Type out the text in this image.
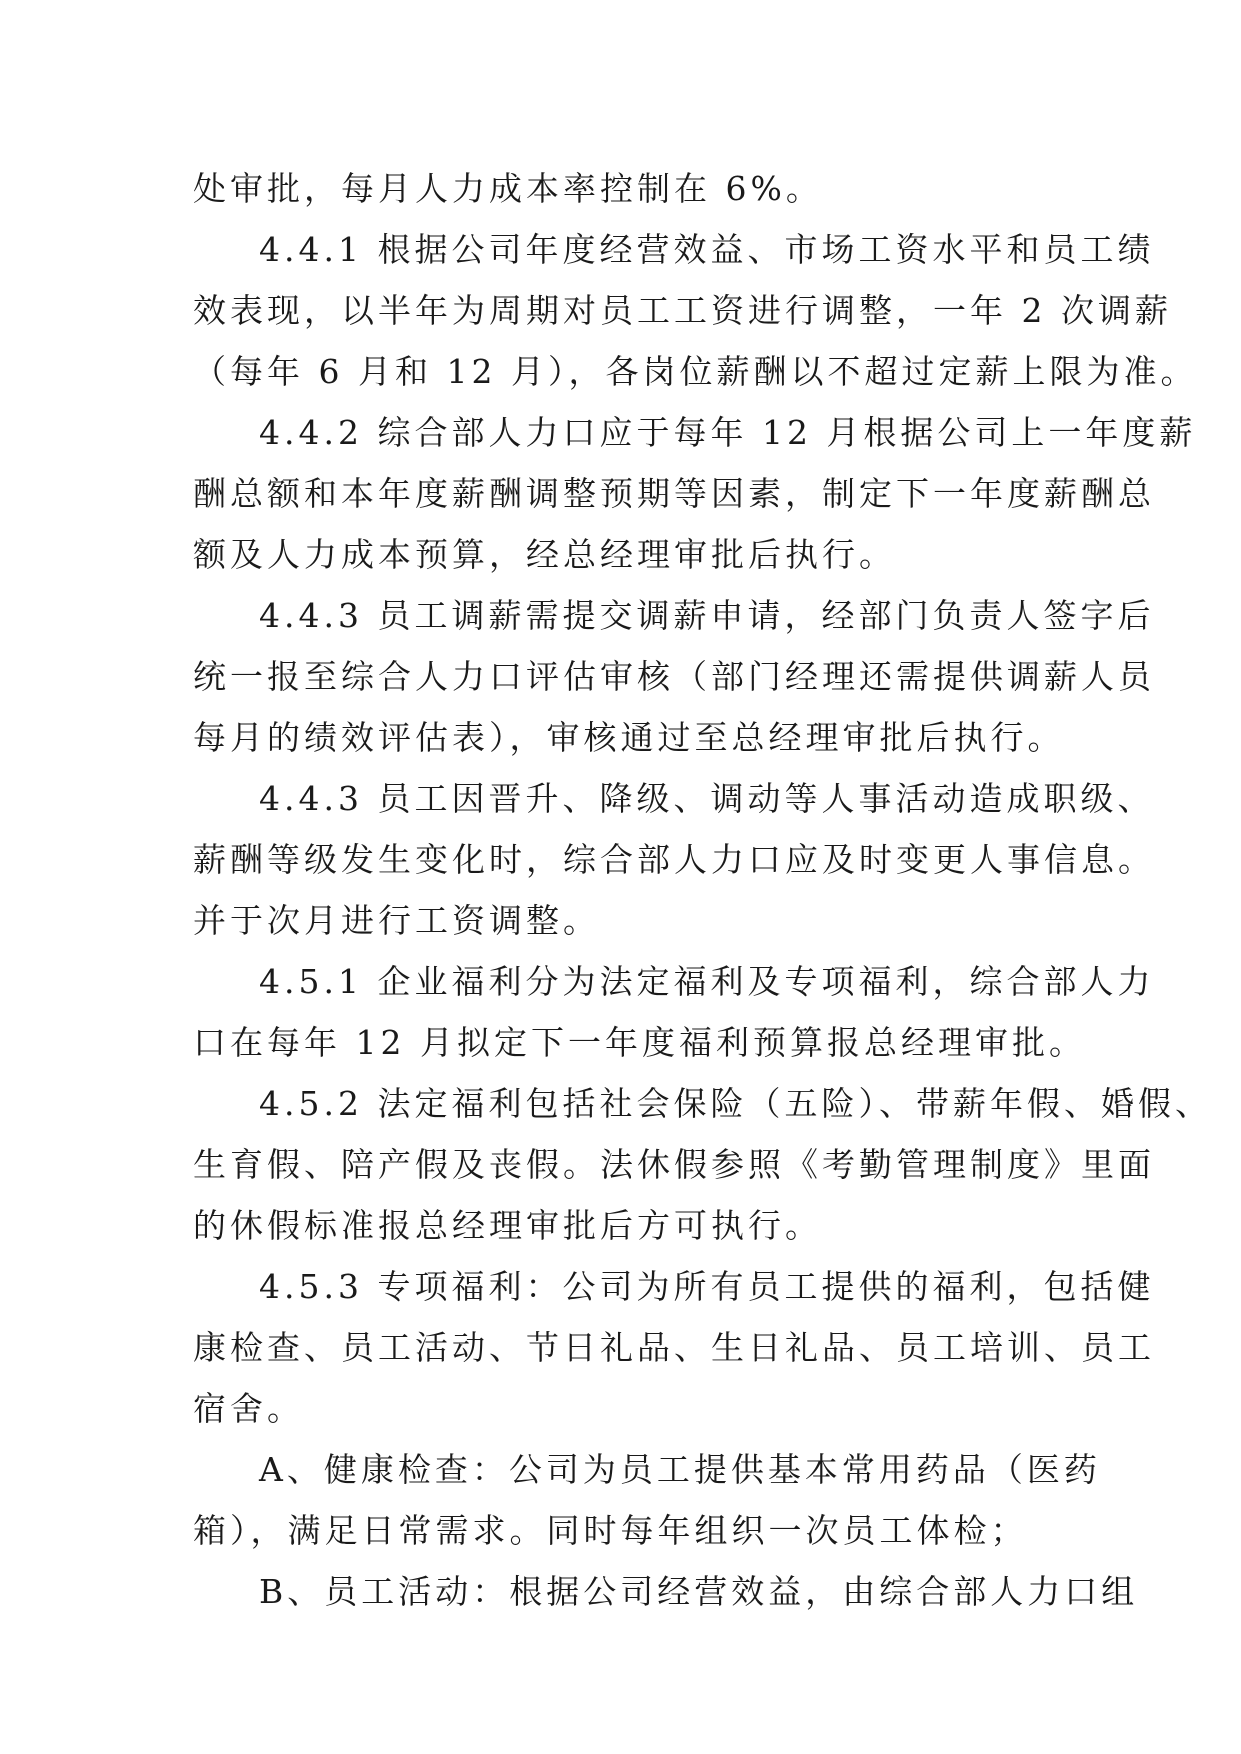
处审批，每月人力成本率控制在 6%。
4.4.1 根据公司年度经营效益、市场工资水平和员工绩
效表现，以半年为周期对员工工资进行调整，一年 2 次调薪
（每年 6 月和 12 月），各岗位薪酬以不超过定薪上限为准。
4.4.2 综合部人力口应于每年 12 月根据公司上一年度薪
酬总额和本年度薪酬调整预期等因素，制定下一年度薪酬总
额及人力成本预算，经总经理审批后执行。
4.4.3 员工调薪需提交调薪申请，经部门负责人签字后
统一报至综合人力口评估审核（部门经理还需提供调薪人员
每月的绩效评估表），审核通过至总经理审批后执行。
4.4.3 员工因晋升、降级、调动等人事活动造成职级、
薪酬等级发生变化时，综合部人力口应及时变更人事信息。
并于次月进行工资调整。
4.5.1 企业福利分为法定福利及专项福利，综合部人力
口在每年 12 月拟定下一年度福利预算报总经理审批。
4.5.2 法定福利包括社会保险（五险）、带薪年假、婚假、
生育假、陪产假及丧假。法休假参照《考勤管理制度》里面
的休假标准报总经理审批后方可执行。
4.5.3 专项福利：公司为所有员工提供的福利，包括健
康检查、员工活动、节日礼品、生日礼品、员工培训、员工
宿舍。
A、健康检查：公司为员工提供基本常用药品（医药
箱），满足日常需求。同时每年组织一次员工体检；
B、员工活动：根据公司经营效益，由综合部人力口组
